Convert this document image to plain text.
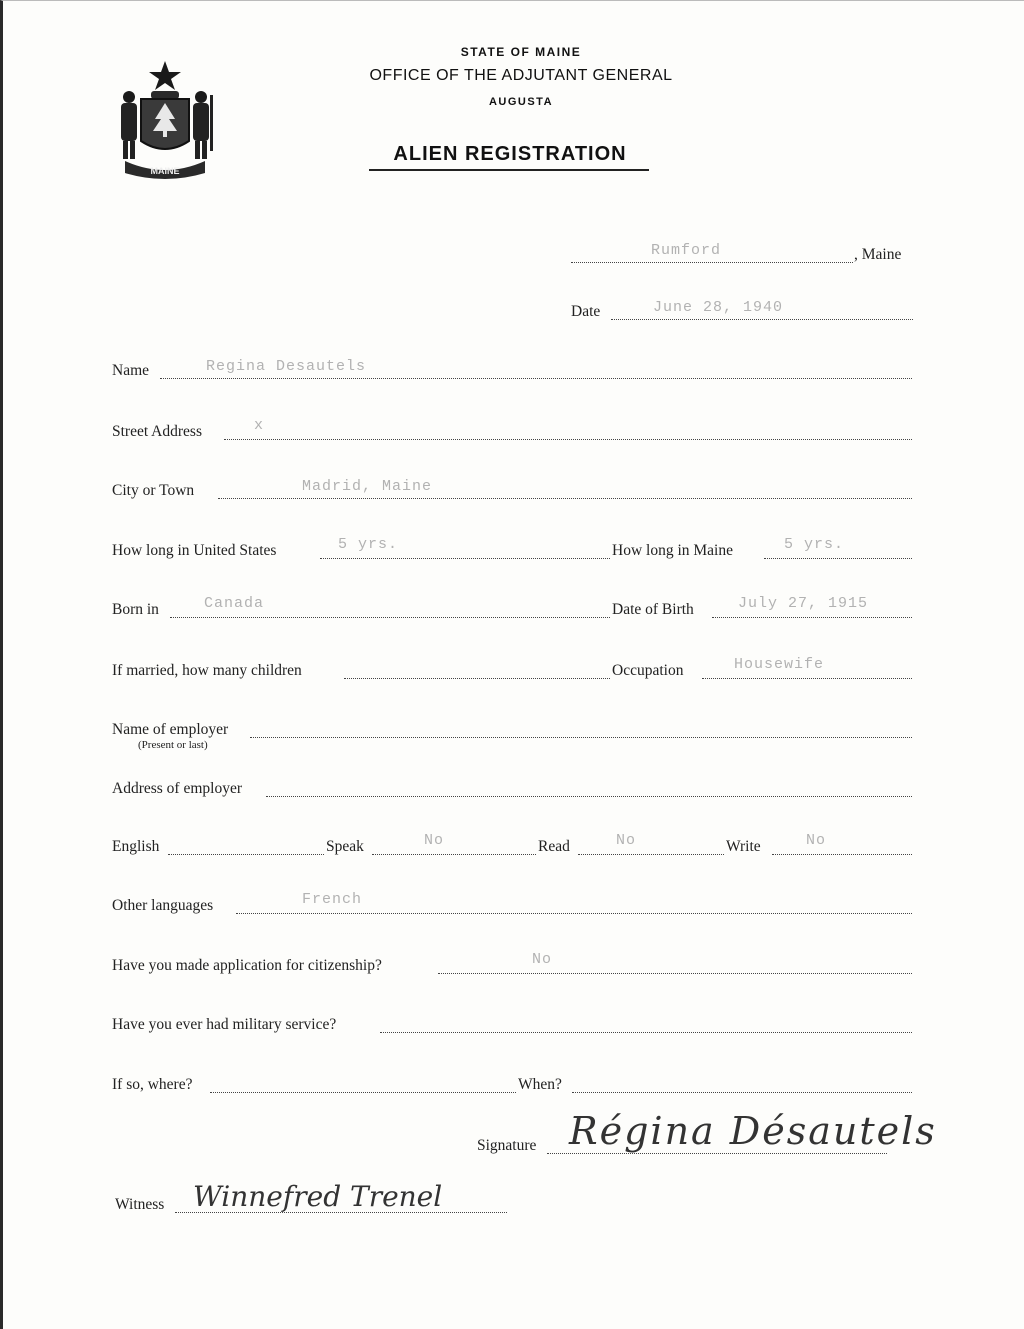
MAINE
STATE OF MAINE
OFFICE OF THE ADJUTANT GENERAL
AUGUSTA
ALIEN REGISTRATION
Rumford	, Maine
Date	June 28, 1940
Name	Regina Desautels
Street Address	x
City or Town	Madrid, Maine
How long in United States	5 yrs.	How long in Maine	5 yrs.
Born in	Canada	Date of Birth	July 27, 1915
If married, how many children	Occupation	Housewife
Name of employer
(Present or last)
Address of employer
English	Speak	No	Read	No	Write	No
Other languages	French
Have you made application for citizenship?	No
Have you ever had military service?
If so, where?	When?
Signature Régina Désautels
Witness Winnefred Trenel
